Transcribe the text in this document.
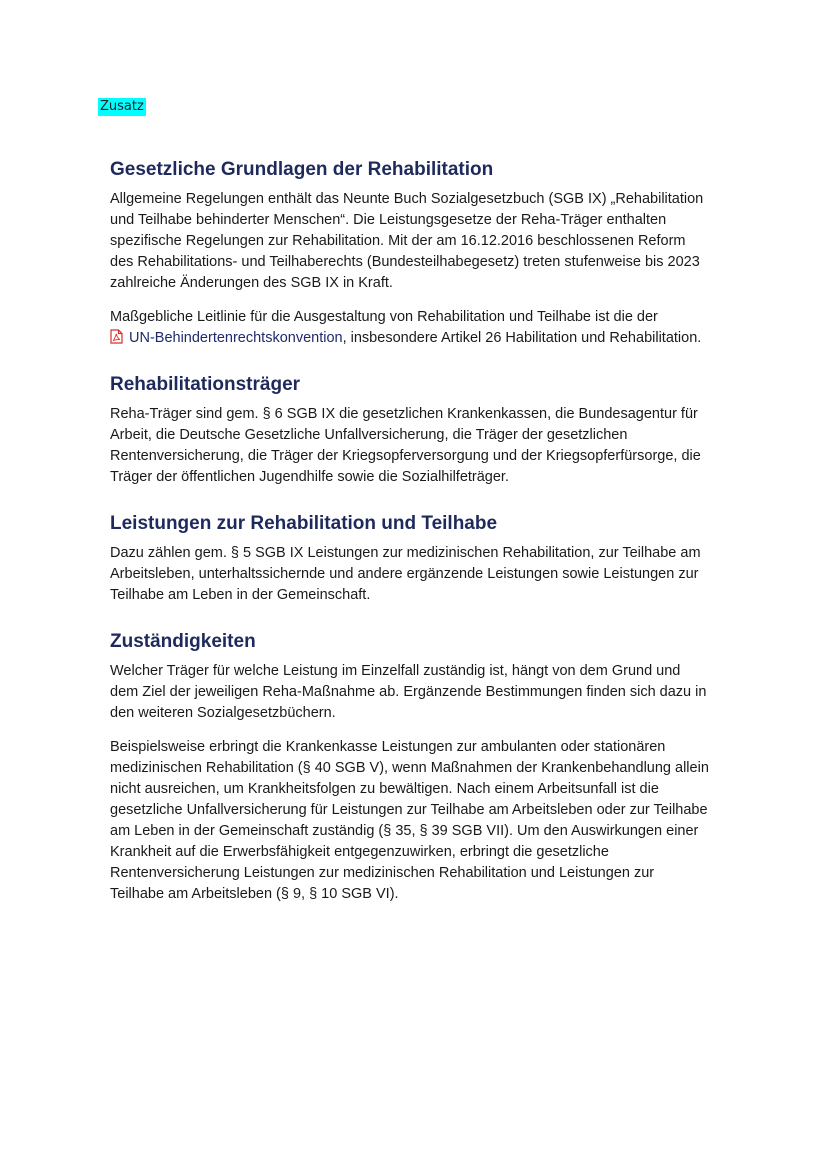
Zusatz
Gesetzliche Grundlagen der Rehabilitation

Allgemeine Regelungen enthält das Neunte Buch Sozialgesetzbuch (SGB IX) „Rehabilitation und Teilhabe behinderter Menschen“. Die Leistungsgesetze der Reha-Träger enthalten spezifische Regelungen zur Rehabilitation. Mit der am 16.12.2016 beschlossenen Reform des Rehabilitations- und Teilhaberechts (Bundesteilhabegesetz) treten stufenweise bis 2023 zahlreiche Änderungen des SGB IX in Kraft.

Maßgebliche Leitlinie für die Ausgestaltung von Rehabilitation und Teilhabe ist die der
UN-Behindertenrechtskonvention, insbesondere Artikel 26 Habilitation und Rehabilitation.

Rehabilitationsträger

Reha-Träger sind gem. § 6 SGB IX die gesetzlichen Krankenkassen, die Bundesagentur für Arbeit, die Deutsche Gesetzliche Unfallversicherung, die Träger der gesetzlichen Rentenversicherung, die Träger der Kriegsopferversorgung und der Kriegsopferfürsorge, die Träger der öffentlichen Jugendhilfe sowie die Sozialhilfeträger.

Leistungen zur Rehabilitation und Teilhabe

Dazu zählen gem. § 5 SGB IX Leistungen zur medizinischen Rehabilitation, zur Teilhabe am Arbeitsleben, unterhaltssichernde und andere ergänzende Leistungen sowie Leistungen zur Teilhabe am Leben in der Gemeinschaft.

Zuständigkeiten

Welcher Träger für welche Leistung im Einzelfall zuständig ist, hängt von dem Grund und dem Ziel der jeweiligen Reha-Maßnahme ab. Ergänzende Bestimmungen finden sich dazu in den weiteren Sozialgesetzbüchern.

Beispielsweise erbringt die Krankenkasse Leistungen zur ambulanten oder stationären medizinischen Rehabilitation (§ 40 SGB V), wenn Maßnahmen der Krankenbehandlung allein nicht ausreichen, um Krankheitsfolgen zu bewältigen. Nach einem Arbeitsunfall ist die gesetzliche Unfallversicherung für Leistungen zur Teilhabe am Arbeitsleben oder zur Teilhabe am Leben in der Gemeinschaft zuständig (§ 35, § 39 SGB VII). Um den Auswirkungen einer Krankheit auf die Erwerbsfähigkeit entgegenzuwirken, erbringt die gesetzliche Rentenversicherung Leistungen zur medizinischen Rehabilitation und Leistungen zur Teilhabe am Arbeitsleben (§ 9, § 10 SGB VI).
